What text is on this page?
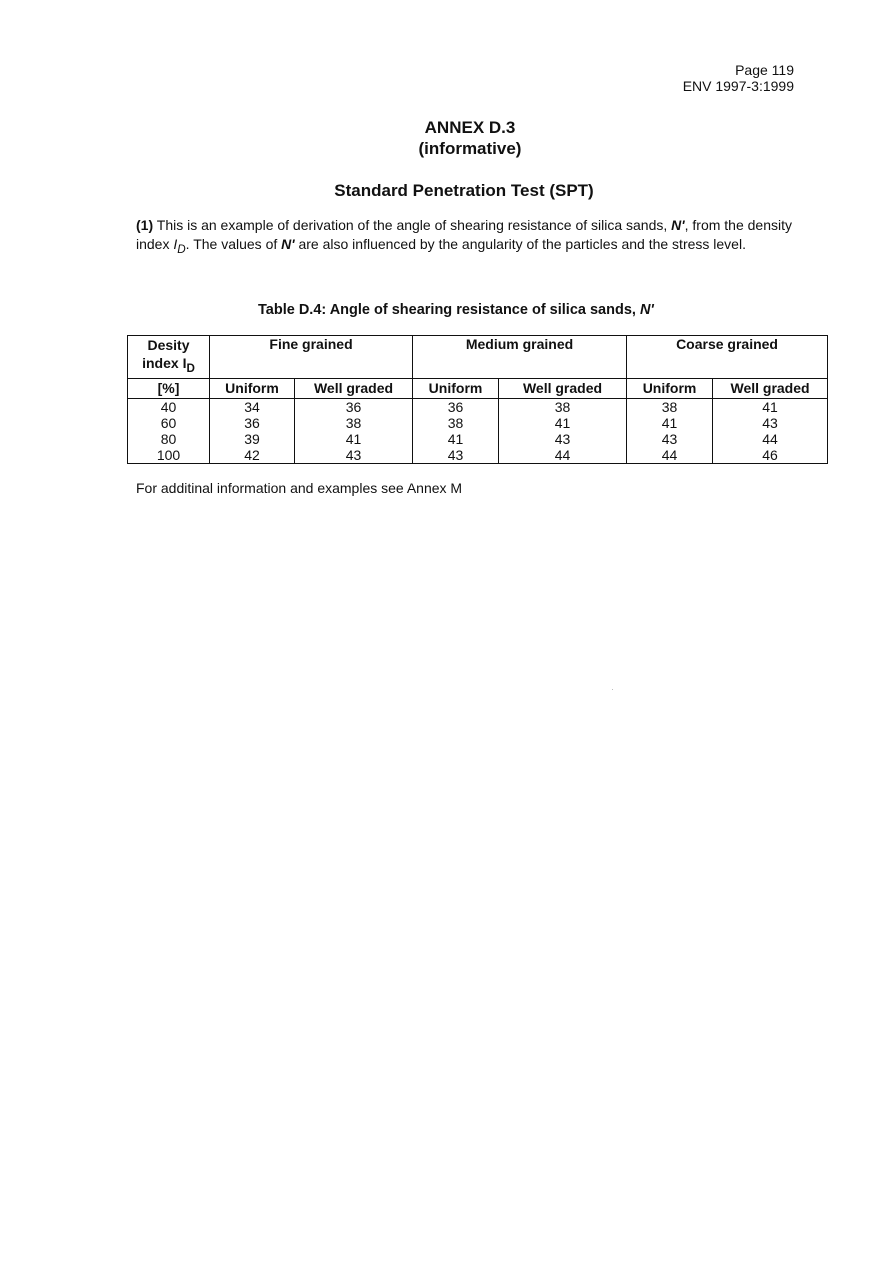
Page 119
ENV 1997-3:1999
ANNEX D.3
(informative)
Standard Penetration Test (SPT)
(1) This is an example of derivation of the angle of shearing resistance of silica sands, N', from the density index $I_D$. The values of N' are also influenced by the angularity of the particles and the stress level.
Table D.4: Angle of shearing resistance of silica sands, N'
Desity
index $I_D$	Fine grained		Medium grained		Coarse grained	
[%]	Uniform	Well graded	Uniform	Well graded	Uniform	Well graded
40	34	36	36	38	38	41
60	36	38	38	41	41	43
80	39	41	41	43	43	44
100	42	43	43	44	44	46
For additinal information and examples see Annex M
